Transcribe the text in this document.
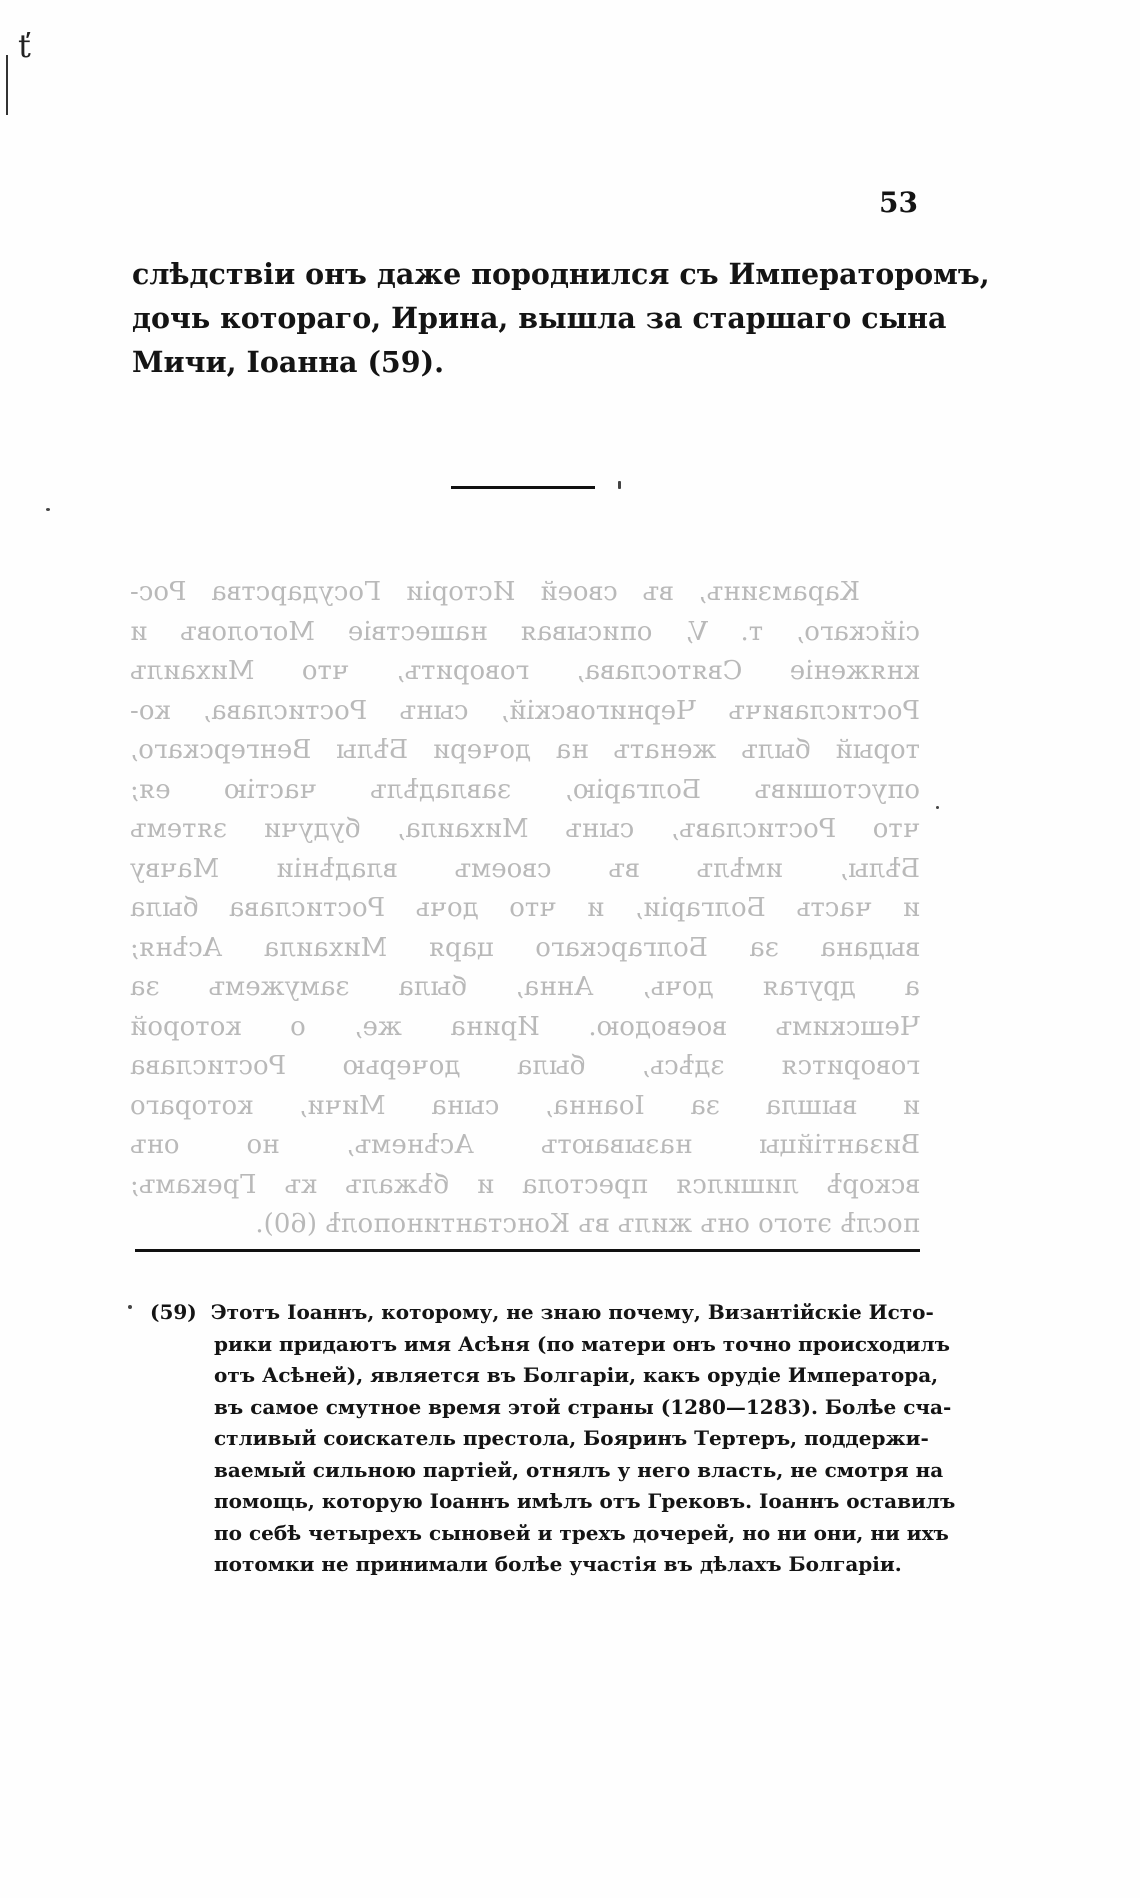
ť
53
слѣдствіи онъ даже породнился съ Императоромъ,
дочь котораго, Ирина, вышла за старшаго сына
Мичи, Іоанна (59).
Карамзинъ, въ своей Исторіи Государства Рос-
сійскаго, т. V, описывая нашествіе Моголовъ и
княженіе Святослава, говоритъ, что Михаилъ
Ростиславичъ Черниговскій, сынъ Ростислава, ко-
торый былъ женатъ на дочери Бѣлы Венгерскаго,
опустошивъ Болгарію, завладѣлъ частію ея;
что Ростиславъ, сынъ Михаила, будучи зятемъ
Бѣлы, имѣлъ въ своемъ владѣніи Мачву
и часть Болгаріи, и что дочь Ростислава была
выдана за Болгарскаго царя Михаила Асѣня;
а другая дочь, Анна, была замужемъ за
Чешскимъ воеводою. Ирина же, о которой
говорится здѣсь, была дочерью Ростислава
и вышла за Іоанна, сына Мичи, котораго
Византійцы называютъ Асѣнемъ, но онъ
вскорѣ лишился престола и бѣжалъ къ Грекамъ;
послѣ этого онъ жилъ въ Константинополѣ (60).
(59) Этотъ Іоаннъ, которому, не знаю почему, Византійскіе Исто-
рики придаютъ имя Асѣня (по матери онъ точно происходилъ
отъ Асѣней), является въ Болгаріи, какъ орудіе Императора,
въ самое смутное время этой страны (1280—1283). Болѣе сча-
стливый соискатель престола, Бояринъ Тертеръ, поддержи-
ваемый сильною партіей, отнялъ у него власть, не смотря на
помощь, которую Іоаннъ имѣлъ отъ Грековъ. Іоаннъ оставилъ
по себѣ четырехъ сыновей и трехъ дочерей, но ни они, ни ихъ
потомки не принимали болѣе участія въ дѣлахъ Болгаріи.
